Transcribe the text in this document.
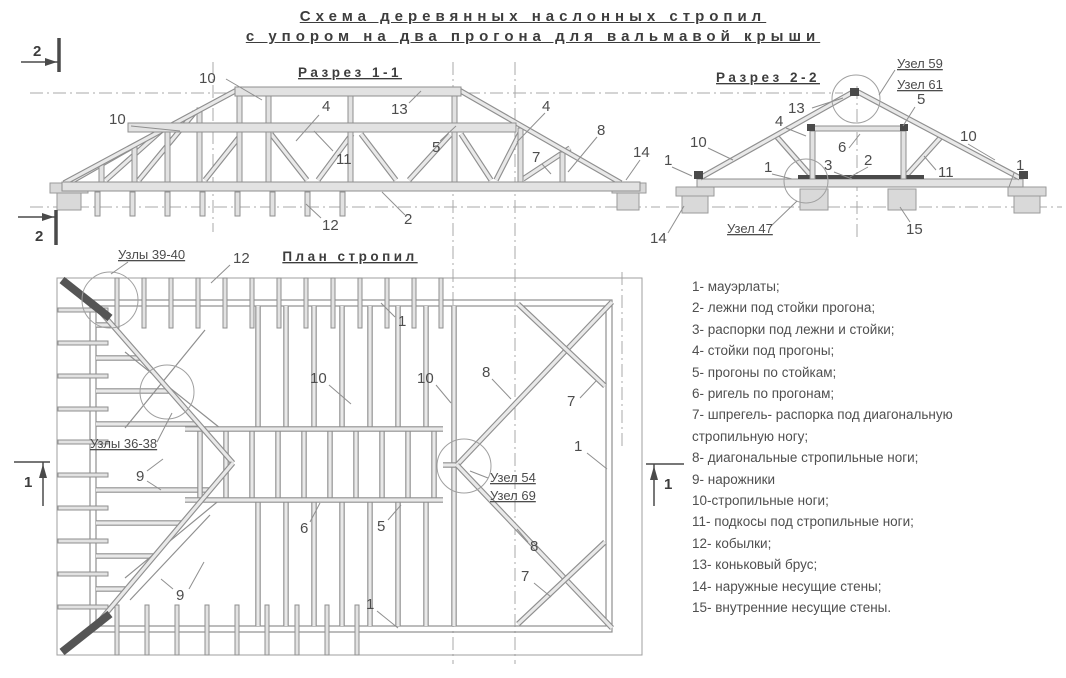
Разрез 1-1	Разрез 2-2
План стропил
10
10
4	13	4
8
7
11
5	14
2
12
Узел 59
Узел 61
13
4
5
6
2
3
10	10
11
1	1	1
14
15
Узел 47
Узлы 39-40	12
1
10	10	8
7
1
Узлы 36-38
9
9
6	5
Узел 54
Узел 69
8
7
1
2
2
1	1
Схема деревянных наслонных стропил
с упором на два прогона для вальмавой крыши
1- мауэрлаты;
2- лежни под стойки прогона;
3- распорки под лежни и стойки;
4- стойки под прогоны;
5- прогоны по стойкам;
6- ригель по прогонам;
7- шпрегель- распорка под диагональную стропильную ногу;
8- диагональные стропильные ноги;
9- нарожники
10-стропильные ноги;
11- подкосы под стропильные ноги;
12- кобылки;
13- коньковый брус;
14- наружные несущие стены;
15- внутренние несущие стены.
